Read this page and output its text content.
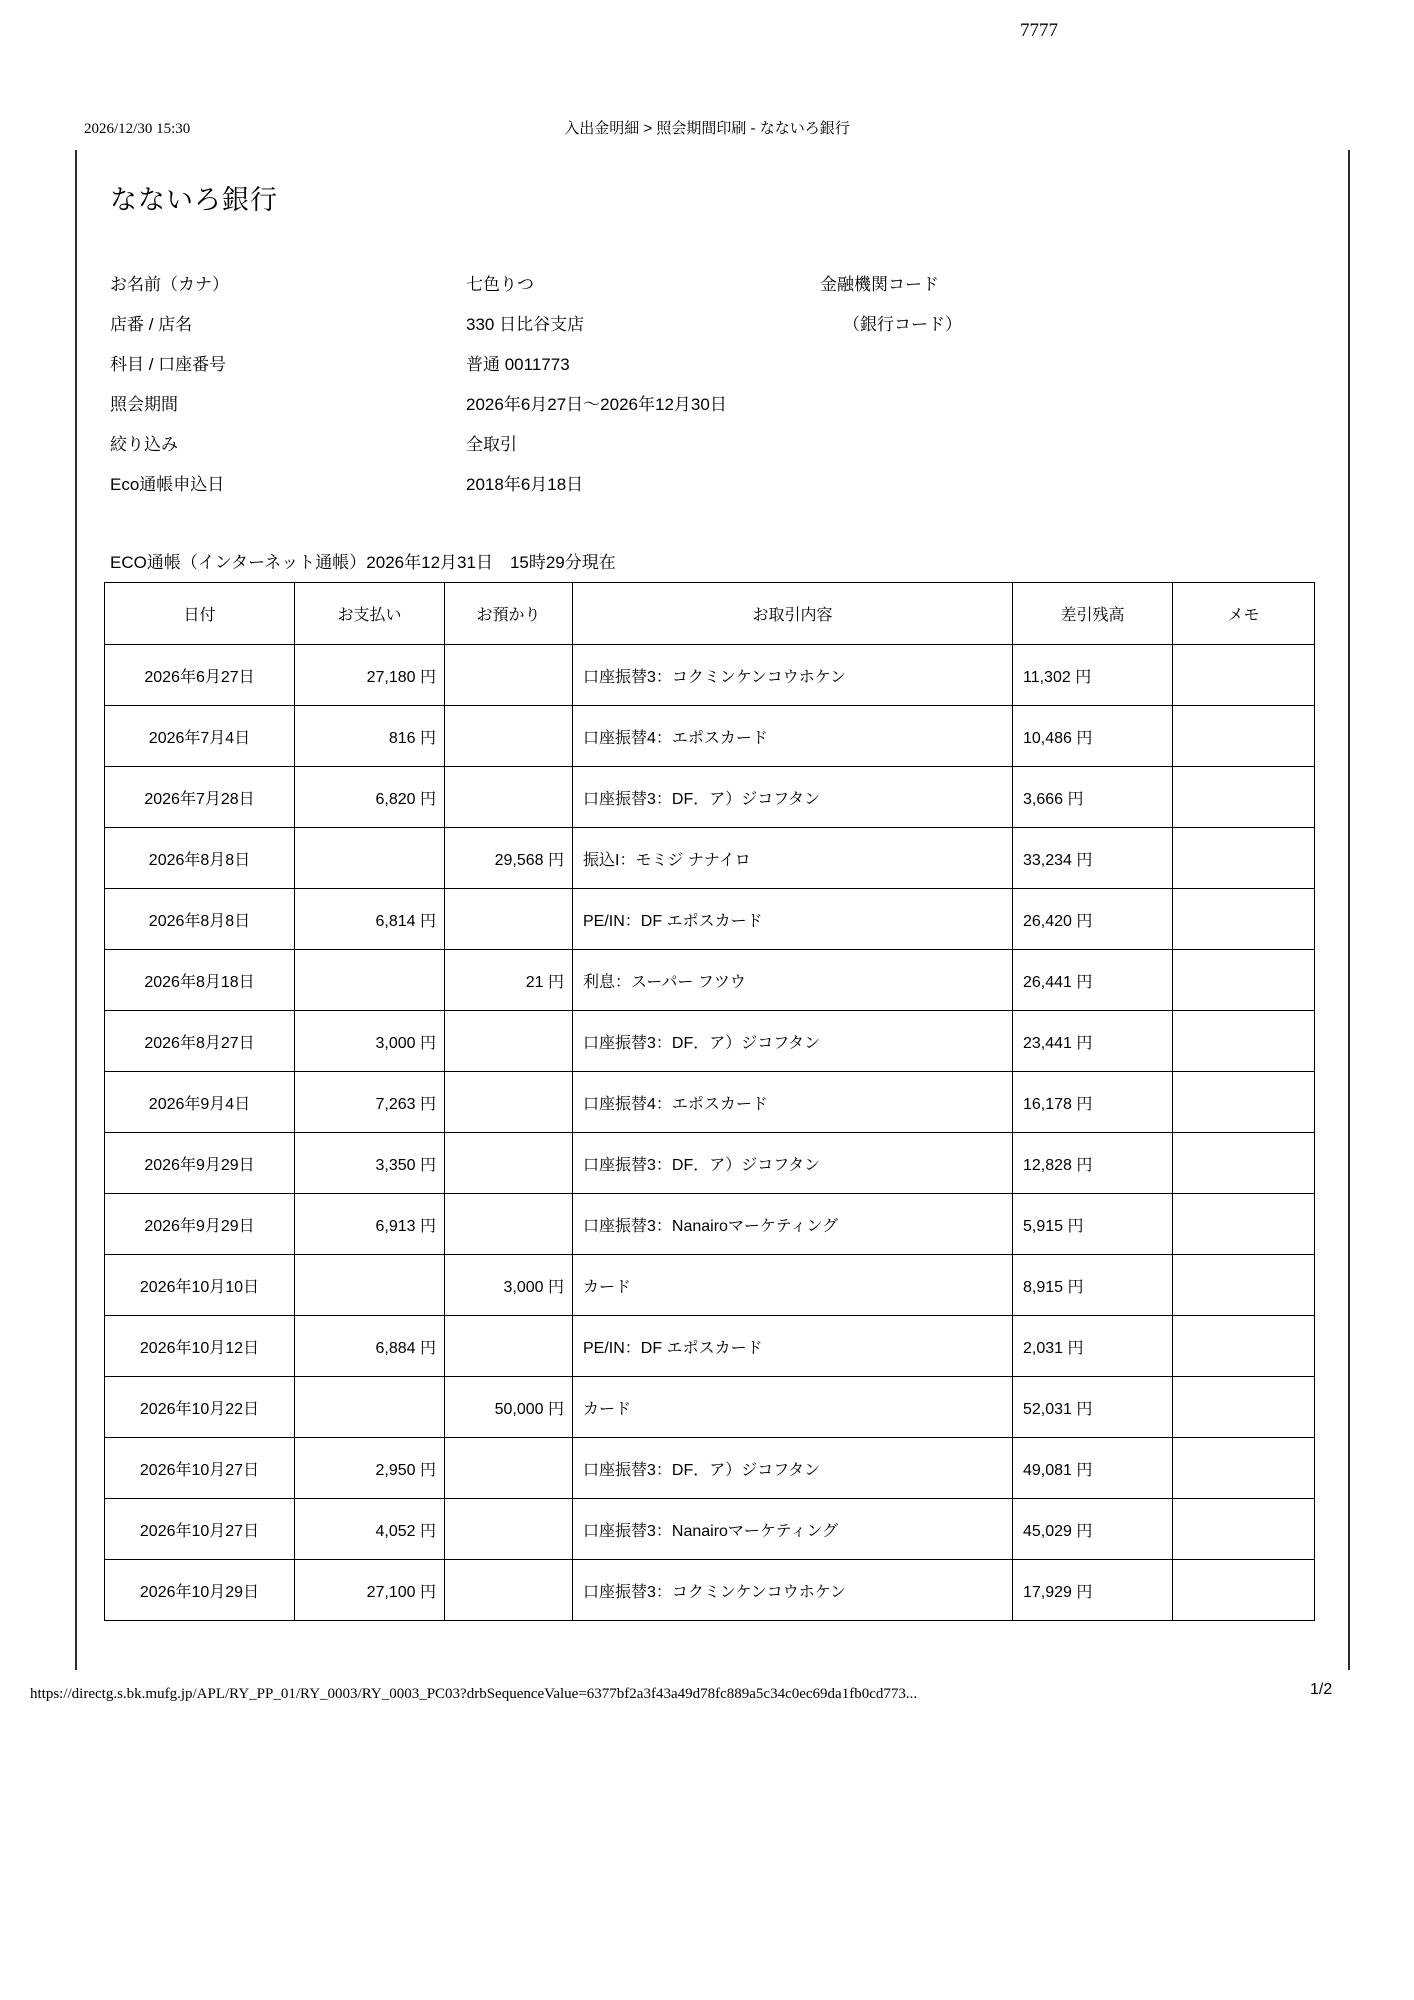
2026/12/30 15:30	入出金明細 > 照会期間印刷 - なないろ銀行
なないろ銀行
お名前（カナ）	七色りつ	金融機関コード
店番 / 店名	330 日比谷支店	（銀行コード）
科目 / 口座番号	普通 0011773
照会期間	2026年6月27日〜2026年12月30日
絞り込み	全取引
Eco通帳申込日	2018年6月18日
7777
ECO通帳（インターネット通帳）2026年12月31日　15時29分現在
日付	お支払い	お預かり	お取引内容	差引残高	メモ
2026年6月27日	27,180 円		口座振替3：コクミンケンコウホケン	11,302 円	
2026年7月4日	816 円		口座振替4：エポスカード	10,486 円	
2026年7月28日	6,820 円		口座振替3：DF．ア）ジコフタン	3,666 円	
2026年8月8日		29,568 円	振込I：モミジ ナナイロ	33,234 円	
2026年8月8日	6,814 円		PE/IN：DF エポスカード	26,420 円	
2026年8月18日		21 円	利息：スーパー フツウ	26,441 円	
2026年8月27日	3,000 円		口座振替3：DF．ア）ジコフタン	23,441 円	
2026年9月4日	7,263 円		口座振替4：エポスカード	16,178 円	
2026年9月29日	3,350 円		口座振替3：DF．ア）ジコフタン	12,828 円	
2026年9月29日	6,913 円		口座振替3：Nanairoマーケティング	5,915 円	
2026年10月10日		3,000 円	カード	8,915 円	
2026年10月12日	6,884 円		PE/IN：DF エポスカード	2,031 円	
2026年10月22日		50,000 円	カード	52,031 円	
2026年10月27日	2,950 円		口座振替3：DF．ア）ジコフタン	49,081 円	
2026年10月27日	4,052 円		口座振替3：Nanairoマーケティング	45,029 円	
2026年10月29日	27,100 円		口座振替3：コクミンケンコウホケン	17,929 円	
https://directg.s.bk.mufg.jp/APL/RY_PP_01/RY_0003/RY_0003_PC03?drbSequenceValue=6377bf2a3f43a49d78fc889a5c34c0ec69da1fb0cd773...	1/2
